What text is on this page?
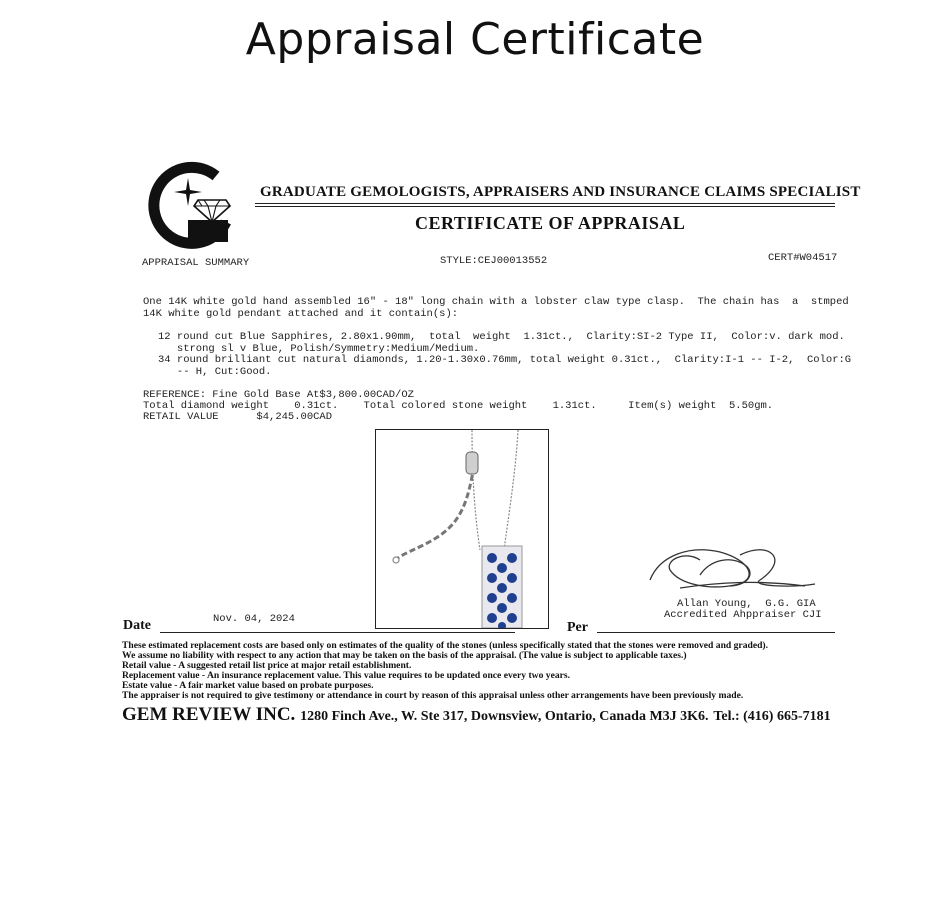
Appraisal Certificate
GRADUATE GEMOLOGISTS, APPRAISERS AND INSURANCE CLAIMS SPECIALIST
CERTIFICATE OF APPRAISAL
APPRAISAL SUMMARY	STYLE:CEJ00013552	CERT#W04517
One 14K white gold hand assembled 16" - 18" long chain with a lobster claw type clasp.  The chain has  a  stmped
14K white gold pendant attached and it contain(s):
12 round cut Blue Sapphires, 2.80x1.90mm,  total  weight  1.31ct.,  Clarity:SI-2 Type II,  Color:v. dark mod.
strong sl v Blue, Polish/Symmetry:Medium/Medium.
34 round brilliant cut natural diamonds, 1.20-1.30x0.76mm, total weight 0.31ct.,  Clarity:I-1 -- I-2,  Color:G
-- H, Cut:Good.
REFERENCE: Fine Gold Base At$3,800.00CAD/OZ
Total diamond weight    0.31ct.    Total colored stone weight    1.31ct.     Item(s) weight  5.50gm.
RETAIL VALUE      $4,245.00CAD
Date	Nov. 04, 2024
Per
Allan Young,  G.G. GIA
Accredited Ahppraiser CJI
These estimated replacement costs are based only on estimates of the quality of the stones (unless specifically stated that the stones were removed and graded).
We assume no liability with respect to any action that may be taken on the basis of the appraisal. (The value is subject to applicable taxes.)
Retail value - A suggested retail list price at major retail establishment.
Replacement value - An insurance replacement value. This value requires to be updated once every two years.
Estate value - A fair market value based on probate purposes.
The appraiser is not required to give testimony or attendance in court by reason of this appraisal unless other arrangements have been previously made.
GEM REVIEW INC. 1280 Finch Ave., W. Ste 317, Downsview, Ontario, Canada M3J 3K6. Tel.: (416) 665-7181
